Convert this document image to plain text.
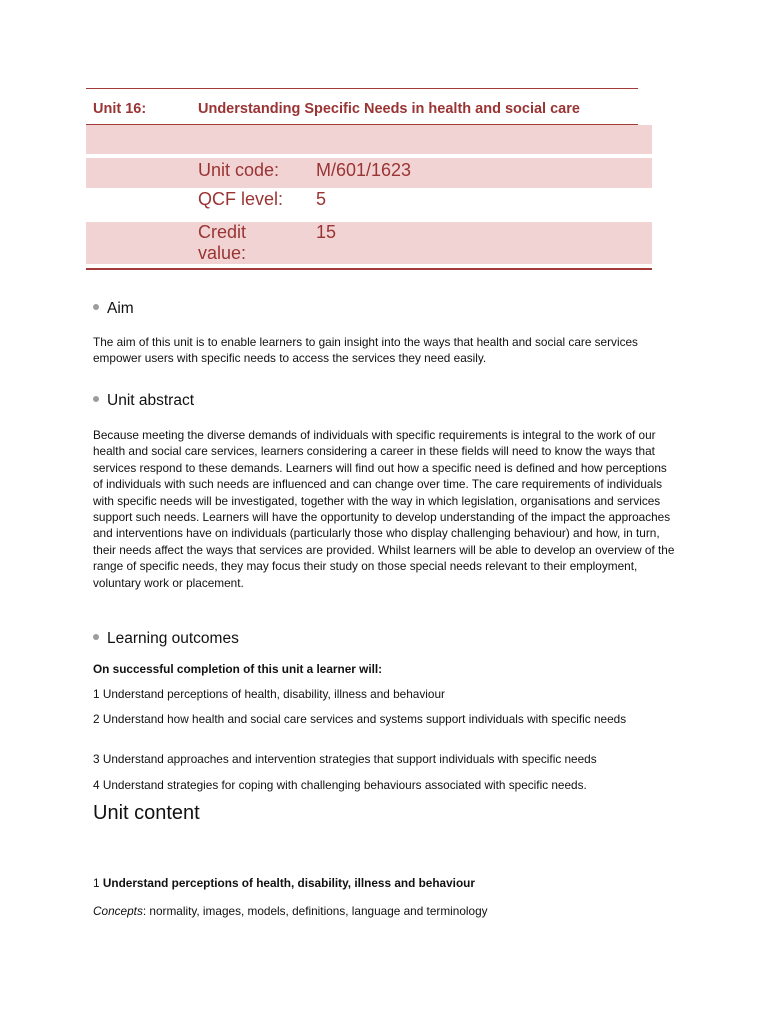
Unit 16:	Understanding Specific Needs in health and social care
Unit code: M/601/1623
QCF level: 5
Credit value:
15
Aim

The aim of this unit is to enable learners to gain insight into the ways that health and social care services empower users with specific needs to access the services they need easily.

Unit abstract

Because meeting the diverse demands of individuals with specific requirements is integral to the work of our health and social care services, learners considering a career in these fields will need to know the ways that services respond to these demands. Learners will find out how a specific need is defined and how perceptions of individuals with such needs are influenced and can change over time. The care requirements of individuals with specific needs will be investigated, together with the way in which legislation, organisations and services support such needs. Learners will have the opportunity to develop understanding of the impact the approaches and interventions have on individuals (particularly those who display challenging behaviour) and how, in turn, their needs affect the ways that services are provided. Whilst learners will be able to develop an overview of the range of specific needs, they may focus their study on those special needs relevant to their employment, voluntary work or placement.

Learning outcomes

On successful completion of this unit a learner will:

1 Understand perceptions of health, disability, illness and behaviour

2 Understand how health and social care services and systems support individuals with specific needs

3 Understand approaches and intervention strategies that support individuals with specific needs

4 Understand strategies for coping with challenging behaviours associated with specific needs.

Unit content

1 Understand perceptions of health, disability, illness and behaviour

Concepts: normality, images, models, definitions, language and terminology
